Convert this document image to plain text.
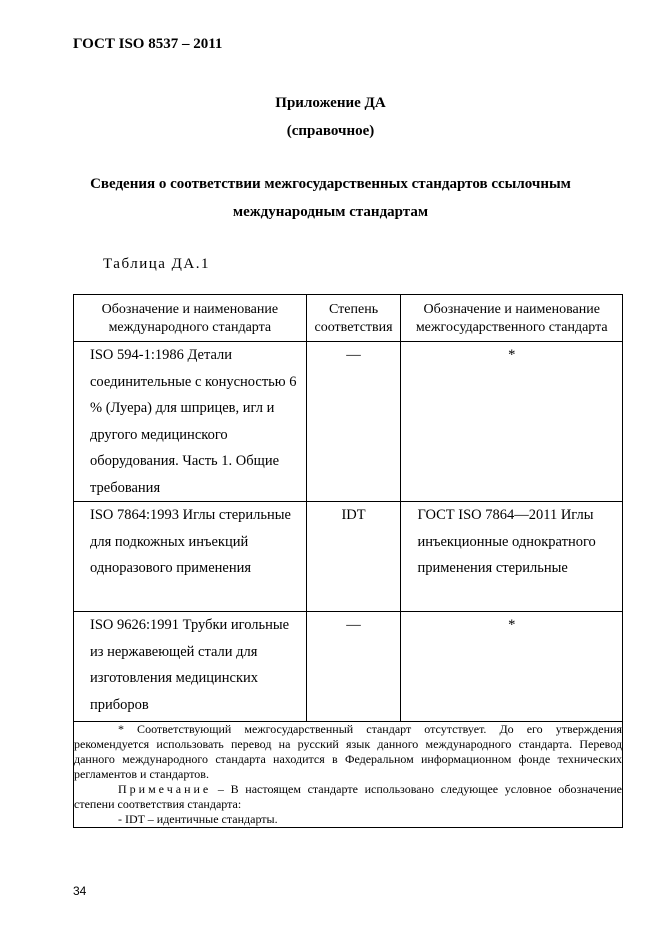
ГОСТ ISO 8537 – 2011
Приложение ДА
(справочное)
Сведения о соответствии межгосударственных стандартов ссылочным
международным стандартам
Таблица ДА.1
Обозначение и наименование международного стандарта	Степень соответствия	Обозначение и наименование межгосударственного стандарта

ISO 594-1:1986 Детали соединительные с конусностью 6 % (Луера) для шприцев, игл и другого медицинского оборудования. Часть 1. Общие требования	—	*

ISO 7864:1993 Иглы стерильные для подкожных инъекций одноразового применения	IDT	ГОСТ ISO 7864—2011 Иглы инъекционные однократного применения стерильные

ISO 9626:1991 Трубки игольные из нержавеющей стали для изготовления медицинских приборов	—	*

* Соответствующий межгосударственный стандарт отсутствует. До его утверждения рекомендуется использовать перевод на русский язык данного международного стандарта. Перевод данного международного стандарта находится в Федеральном информационном фонде технических регламентов и стандартов.

Примечание – В настоящем стандарте использовано следующее условное обозначение степени соответствия стандарта:

- IDT – идентичные стандарты.		

34
